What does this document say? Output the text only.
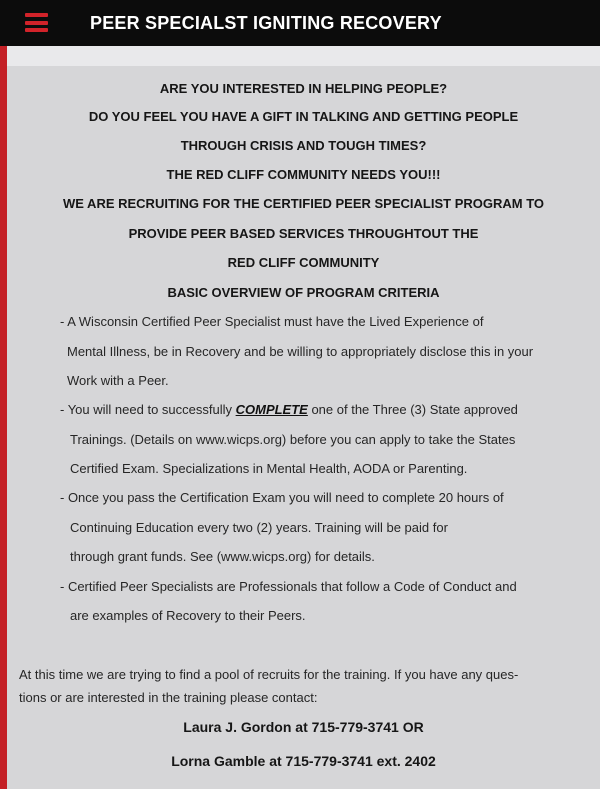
PEER SPECIALST IGNITING RECOVERY
ARE YOU INTERESTED IN HELPING PEOPLE?
DO YOU FEEL YOU HAVE A GIFT IN TALKING AND GETTING PEOPLE
THROUGH CRISIS AND TOUGH TIMES?
THE RED CLIFF COMMUNITY NEEDS YOU!!!
WE ARE RECRUITING FOR THE CERTIFIED PEER SPECIALIST PROGRAM TO
PROVIDE PEER BASED SERVICES THROUGHTOUT THE
RED CLIFF COMMUNITY
BASIC OVERVIEW OF PROGRAM CRITERIA
- A Wisconsin Certified Peer Specialist must have the Lived Experience of
Mental Illness, be in Recovery and be willing to appropriately disclose this in your
Work with a Peer.
- You will need to successfully COMPLETE one of the Three (3) State approved
Trainings. (Details on www.wicps.org) before you can apply to take the States
Certified Exam. Specializations in Mental Health, AODA or Parenting.
- Once you pass the Certification Exam you will need to complete 20 hours of
Continuing Education every two (2) years. Training will be paid for
through grant funds. See (www.wicps.org) for details.
- Certified Peer Specialists are Professionals that follow a Code of Conduct and
are examples of Recovery to their Peers.
At this time we are trying to find a pool of recruits for the training. If you have any ques-
tions or are interested in the training please contact:
Laura J. Gordon at 715-779-3741 OR
Lorna Gamble at 715-779-3741 ext. 2402
